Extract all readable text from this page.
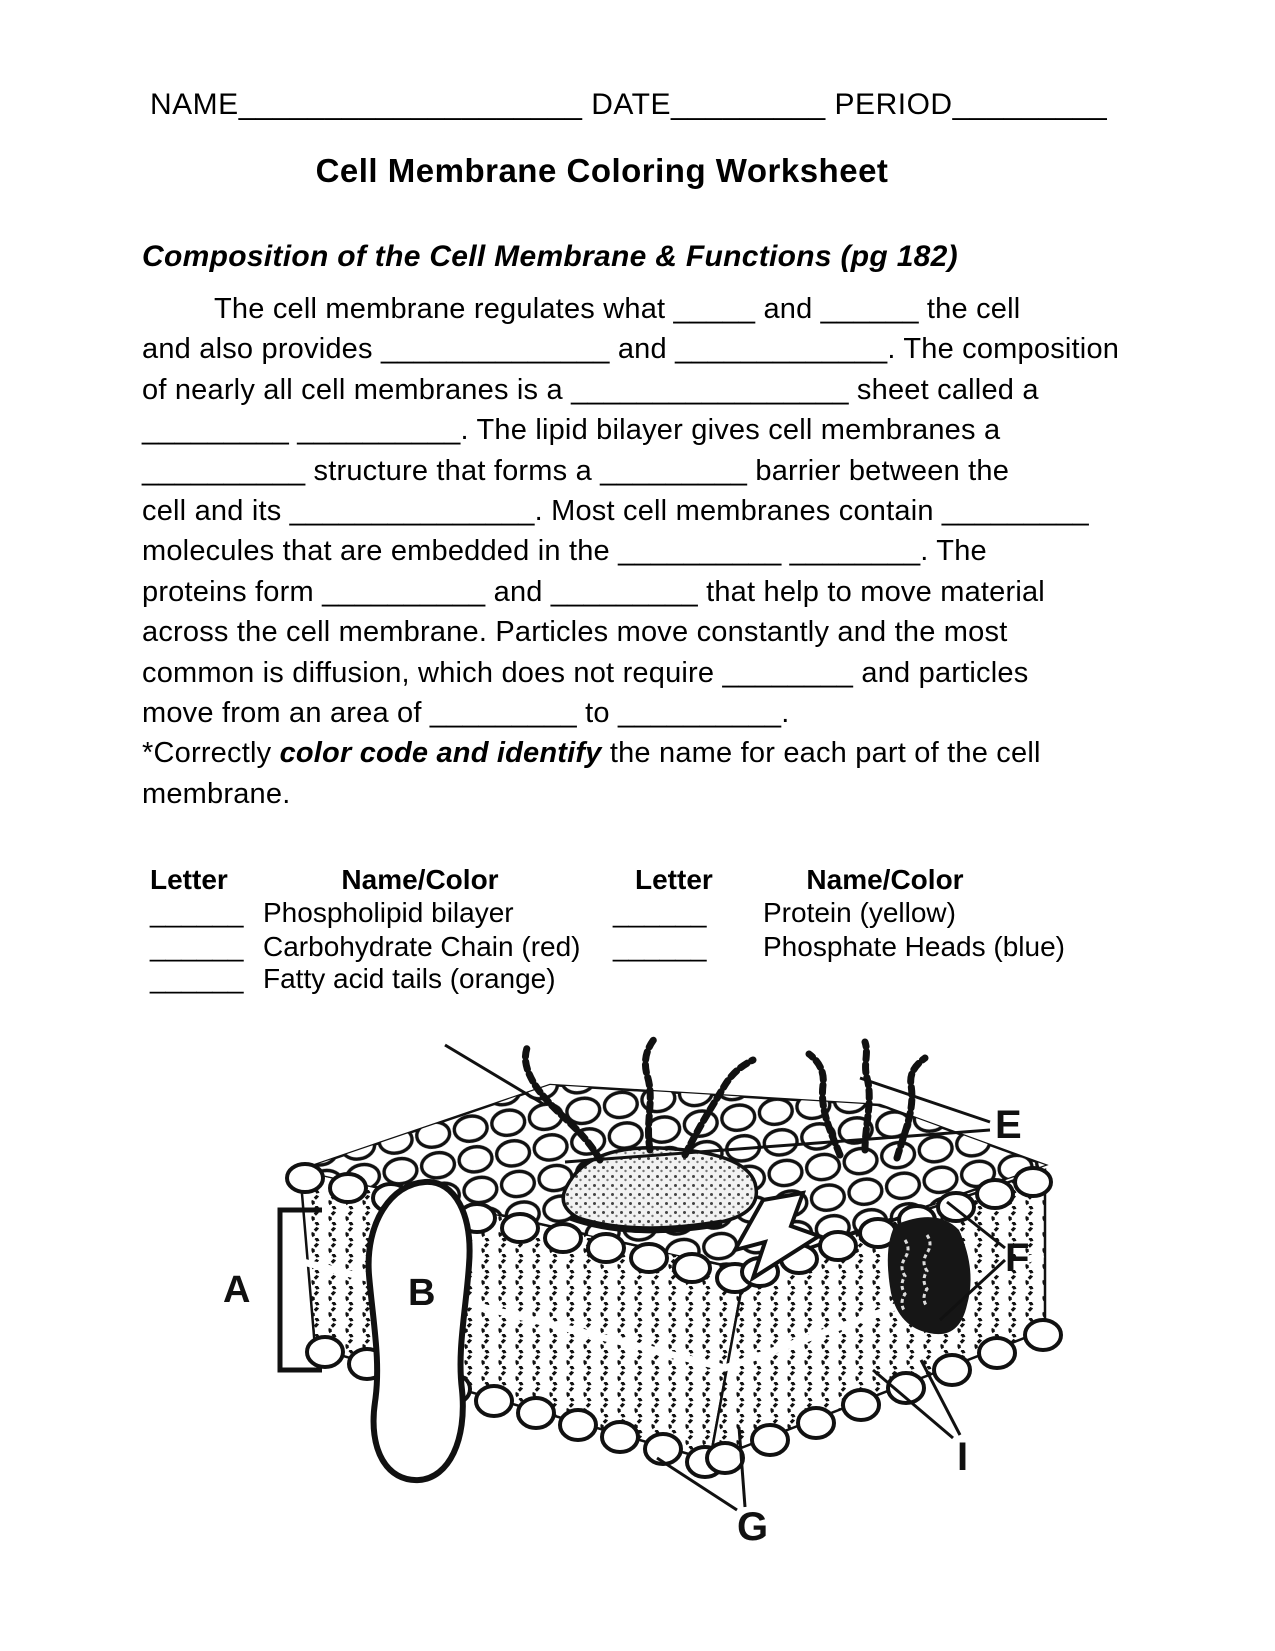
NAME____________________ DATE_________ PERIOD_________
Cell Membrane Coloring Worksheet
Composition of the Cell Membrane & Functions (pg 182)
The cell membrane regulates what _____ and ______ the cell
and also provides ______________ and _____________. The composition
of nearly all cell membranes is a _________________ sheet called a
_________ __________. The lipid bilayer gives cell membranes a
__________ structure that forms a _________ barrier between the
cell and its _______________. Most cell membranes contain _________
molecules that are embedded in the __________ ________. The
proteins form __________ and _________ that help to move material
across the cell membrane. Particles move constantly and the most
common is diffusion, which does not require ________ and particles
move from an area of _________ to __________.
*Correctly color code and identify the name for each part of the cell
membrane.
Letter	Name/Color	Letter	Name/Color
______ Phospholipid bilayer	______ Protein (yellow)
______ Carbohydrate Chain (red) ______ Phosphate Heads (blue)
______ Fatty acid tails (orange)
B
A
E
F
I
G
